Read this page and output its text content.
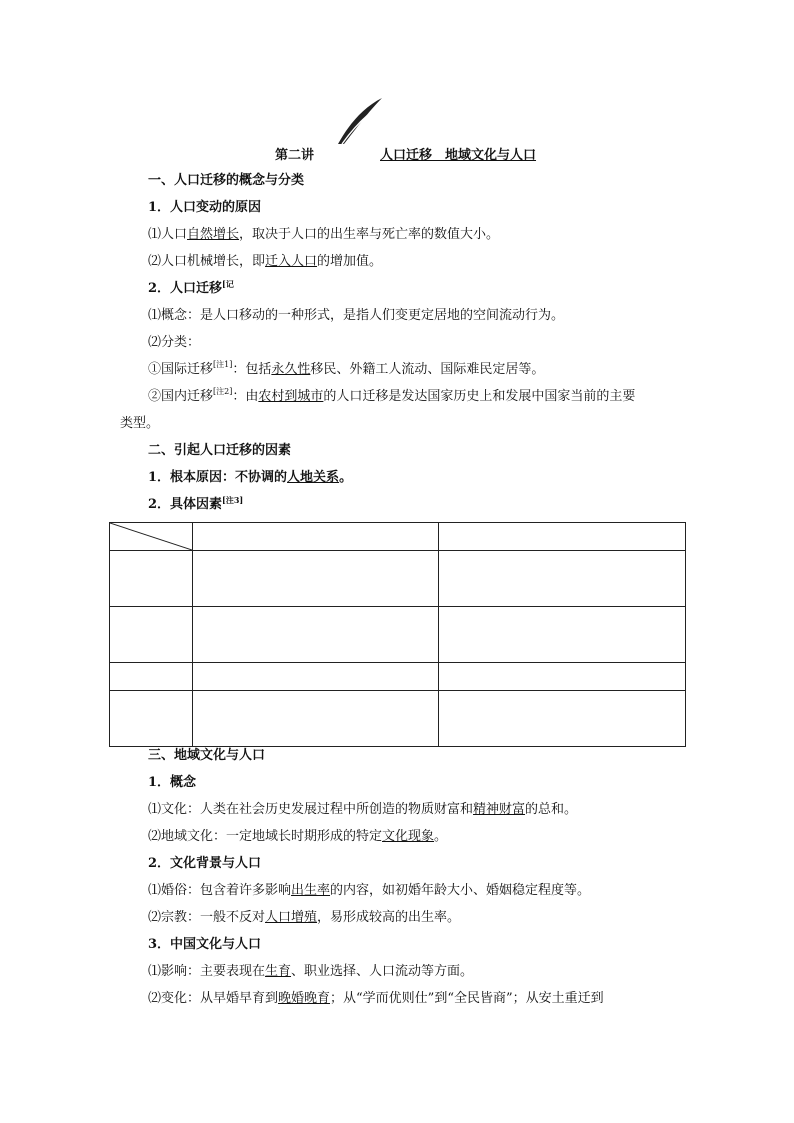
第二讲	人口迁移　地域文化与人口
一、人口迁移的概念与分类
1．人口变动的原因
⑴人口自然增长，取决于人口的出生率与死亡率的数值大小。
⑵人口机械增长，即迁入人口的增加值。
2．人口迁移$^{[记}$
⑴概念：是人口移动的一种形式，是指人们变更定居地的空间流动行为。
⑵分类：
①国际迁移[注1]：包括永久性移民、外籍工人流动、国际难民定居等。
②国内迁移[注2]：由农村到城市的人口迁移是发达国家历史上和发展中国家当前的主要
类型。
二、引起人口迁移的因素
1．根本原因：不协调的人地关系。
2．具体因素[注3]

三、地域文化与人口
1．概念
⑴文化：人类在社会历史发展过程中所创造的物质财富和精神财富的总和。
⑵地域文化：一定地域长时期形成的特定文化现象。
2．文化背景与人口
⑴婚俗：包含着许多影响出生率的内容，如初婚年龄大小、婚姻稳定程度等。
⑵宗教：一般不反对人口增殖，易形成较高的出生率。
3．中国文化与人口
⑴影响：主要表现在生育、职业选择、人口流动等方面。
⑵变化：从早婚早育到晚婚晚育；从“学而优则仕”到“全民皆商”；从安土重迁到
